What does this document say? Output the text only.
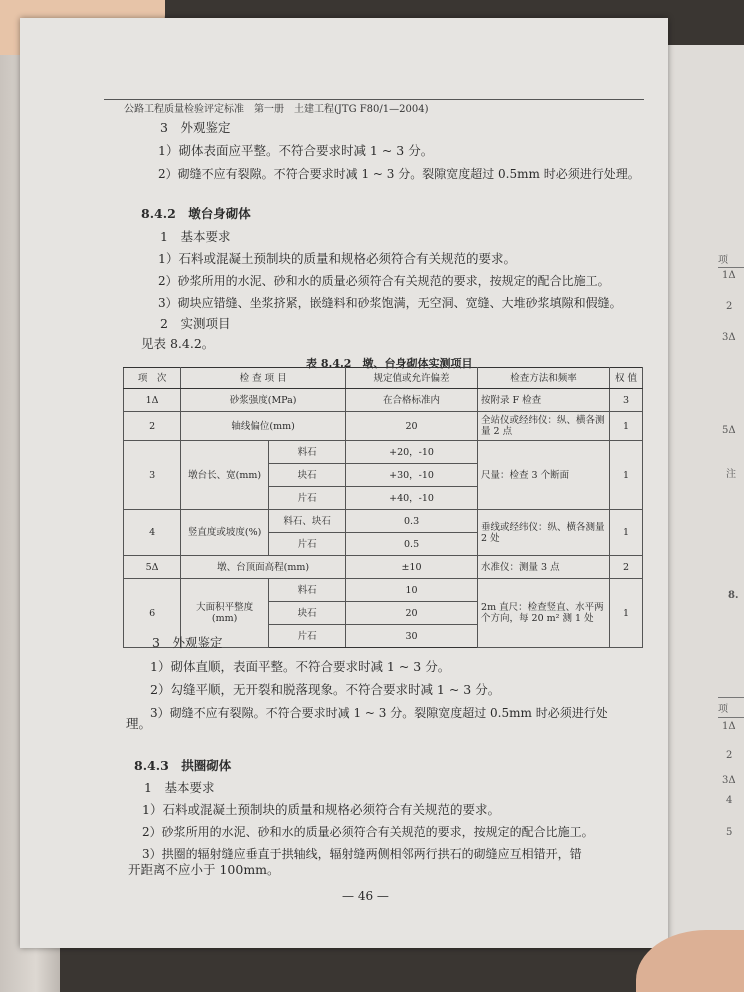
项
1Δ
2
3Δ
5Δ
注
8.
项
1Δ
2
3Δ
4
5
公路工程质量检验评定标准　第一册　土建工程(JTG F80/1—2004)
3　外观鉴定
1）砌体表面应平整。不符合要求时减 1 ~ 3 分。
2）砌缝不应有裂隙。不符合要求时减 1 ~ 3 分。裂隙宽度超过 0.5mm 时必须进行处理。
8.4.2　墩台身砌体
1　基本要求
1）石料或混凝土预制块的质量和规格必须符合有关规范的要求。
2）砂浆所用的水泥、砂和水的质量必须符合有关规范的要求，按规定的配合比施工。
3）砌块应错缝、坐浆挤紧，嵌缝料和砂浆饱满，无空洞、宽缝、大堆砂浆填隙和假缝。
2　实测项目
见表 8.4.2。
表 8.4.2　墩、台身砌体实测项目
项　次	检 查 项 目		规定值或允许偏差	检查方法和频率	权 值
1Δ	砂浆强度(MPa)		在合格标准内	按附录 F 检查	3
2	轴线偏位(mm)		20	全站仪或经纬仪：纵、横各测量 2 点	1
3	墩台长、宽(mm)	料石	+20，-10	尺量：检查 3 个断面	1
		块石	+30，-10		
		片石	+40，-10		
4	竖直度或坡度(%)	料石、块石	0.3	垂线或经纬仪：纵、横各测量 2 处	1
		片石	0.5		
5Δ	墩、台顶面高程(mm)		±10	水准仪：测量 3 点	2
6	大面积平整度(mm)	料石	10	2m 直尺：检查竖直、水平两个方向，每 20 m² 测 1 处	1
		块石	20		
		片石	30		
3　外观鉴定
1）砌体直顺，表面平整。不符合要求时减 1 ~ 3 分。
2）勾缝平顺，无开裂和脱落现象。不符合要求时减 1 ~ 3 分。
3）砌缝不应有裂隙。不符合要求时减 1 ~ 3 分。裂隙宽度超过 0.5mm 时必须进行处
理。
8.4.3　拱圈砌体
1　基本要求
1）石料或混凝土预制块的质量和规格必须符合有关规范的要求。
2）砂浆所用的水泥、砂和水的质量必须符合有关规范的要求，按规定的配合比施工。
3）拱圈的辐射缝应垂直于拱轴线，辐射缝两侧相邻两行拱石的砌缝应互相错开，错
开距离不应小于 100mm。
— 46 —
